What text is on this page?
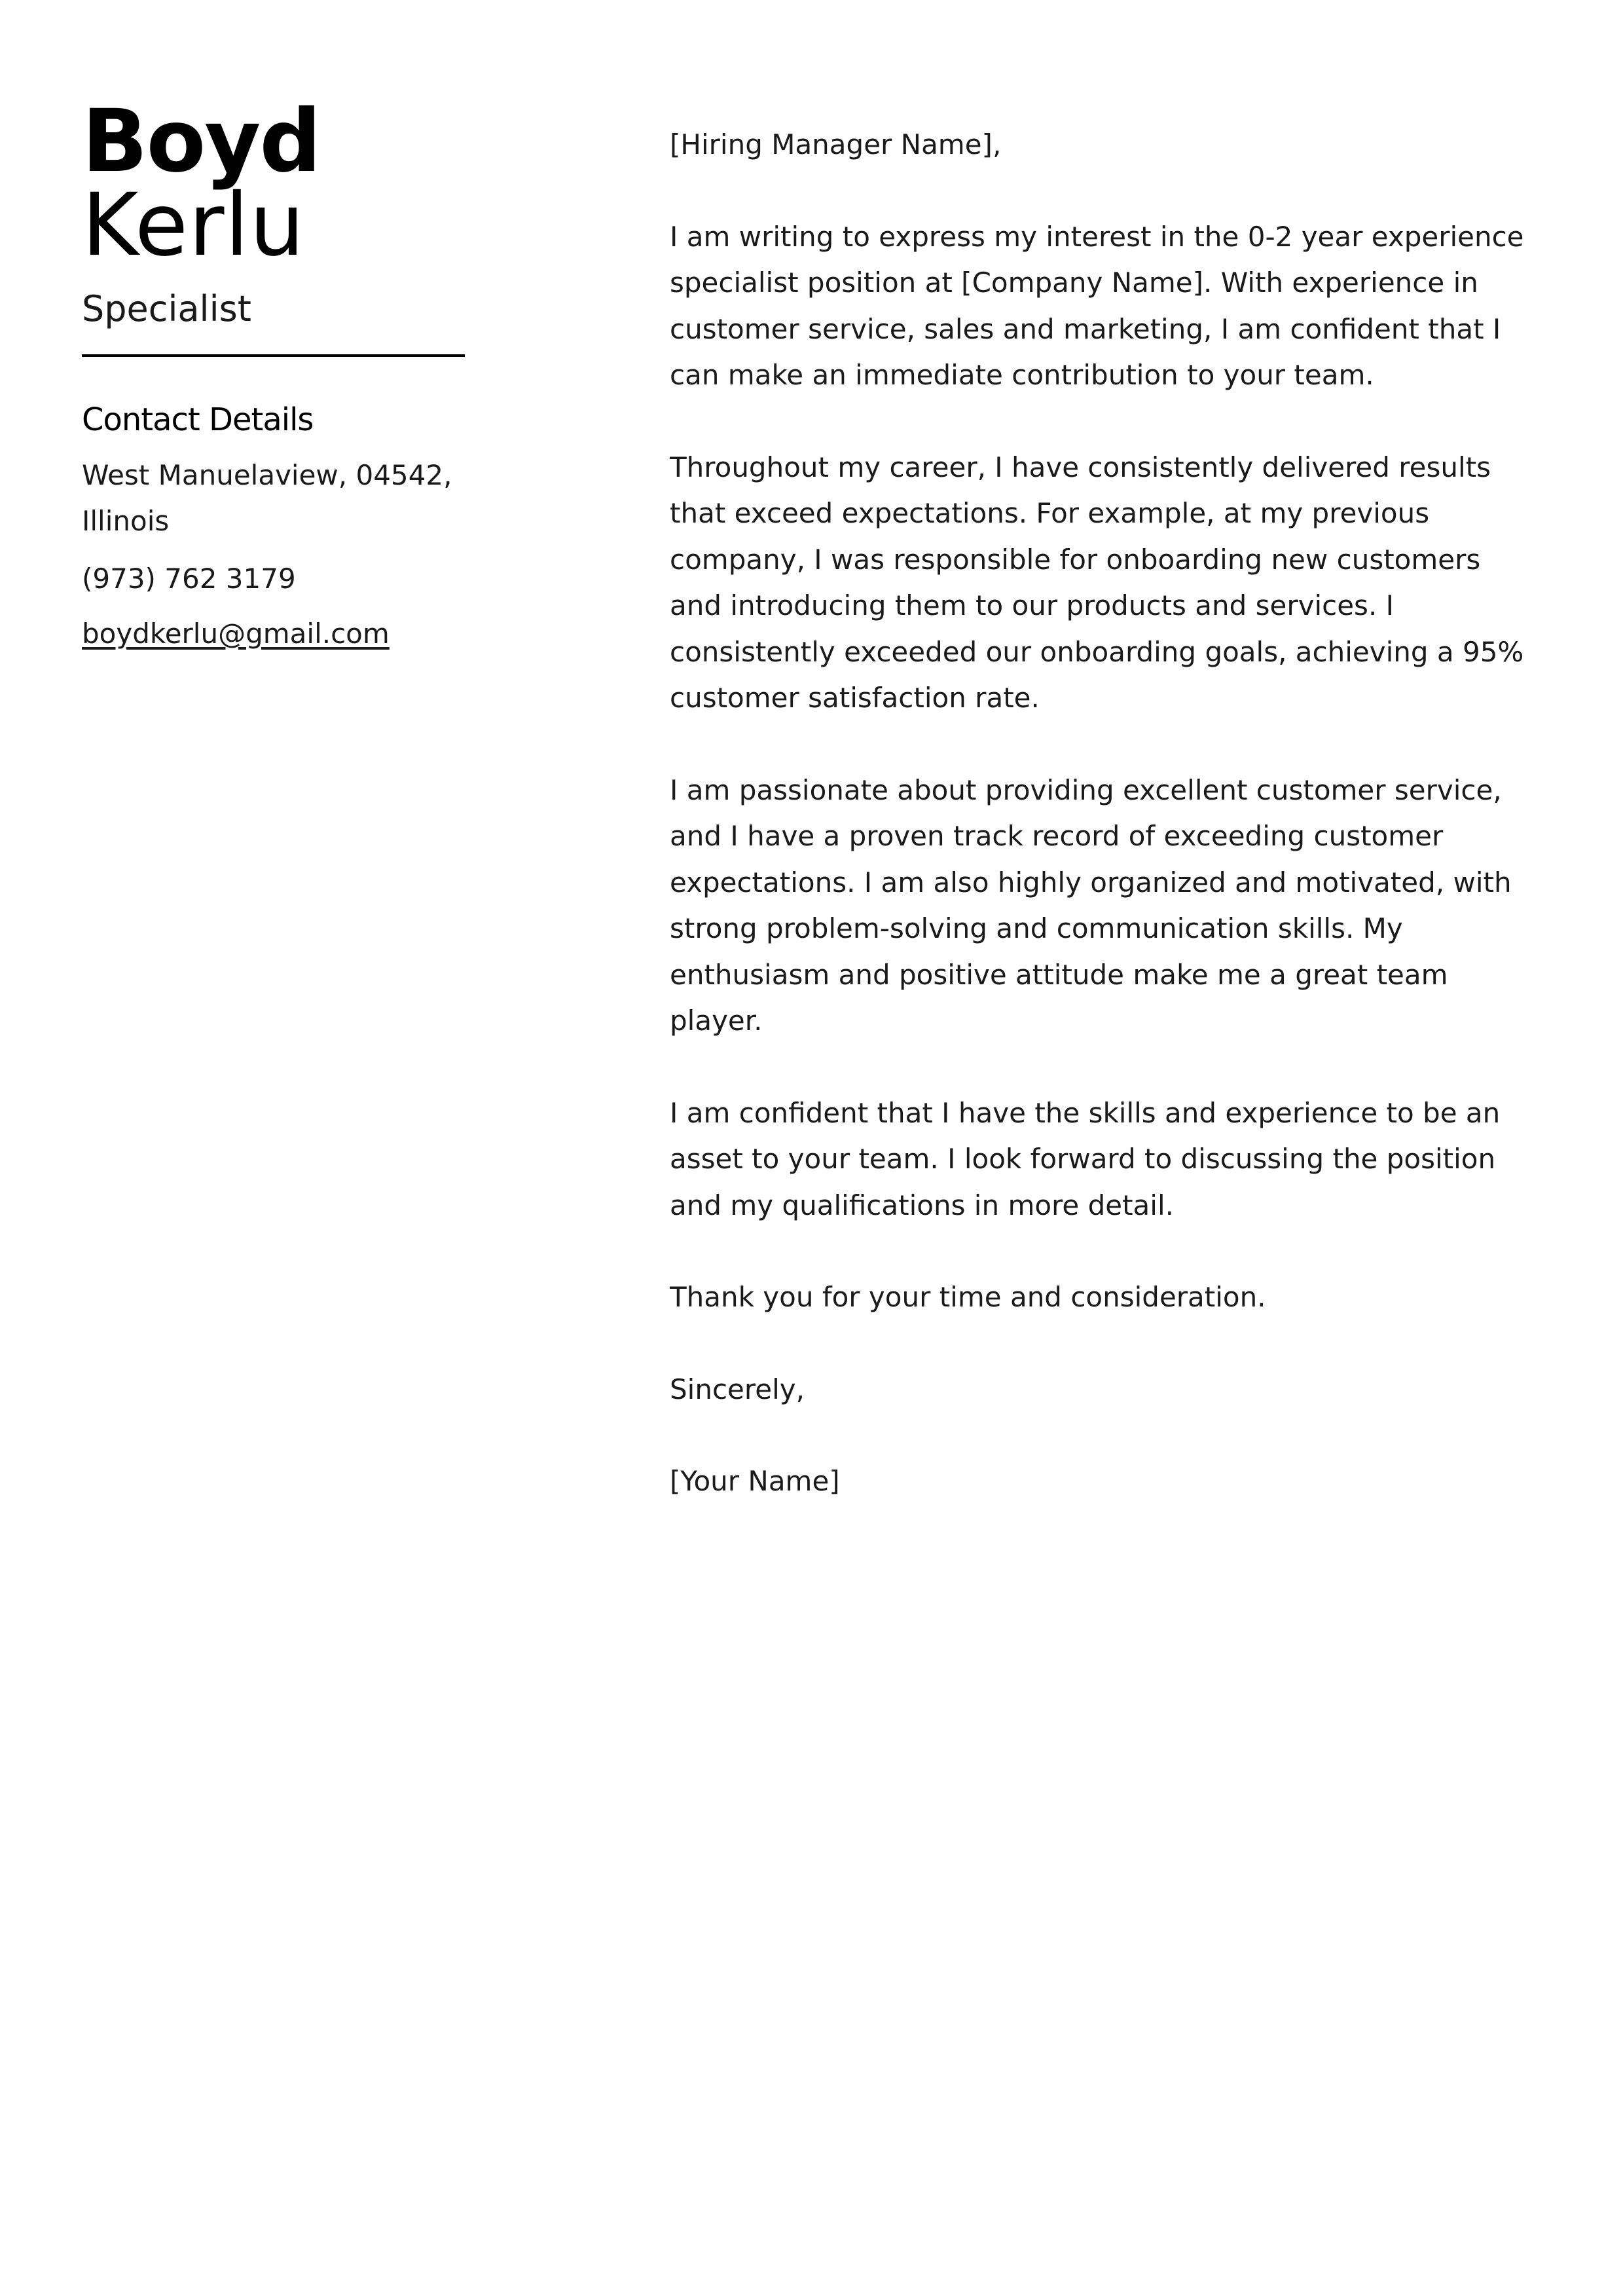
Boyd
Kerlu
Specialist
Contact Details
West Manuelaview, 04542, Illinois
(973) 762 3179
boydkerlu@gmail.com

[Hiring Manager Name],

I am writing to express my interest in the 0-2 year experience specialist position at [Company Name]. With experience in customer service, sales and marketing, I am confident that I can make an immediate contribution to your team.

Throughout my career, I have consistently delivered results that exceed expectations. For example, at my previous company, I was responsible for onboarding new customers and introducing them to our products and services. I consistently exceeded our onboarding goals, achieving a 95% customer satisfaction rate.

I am passionate about providing excellent customer service, and I have a proven track record of exceeding customer expectations. I am also highly organized and motivated, with strong problem-solving and communication skills. My enthusiasm and positive attitude make me a great team player.

I am confident that I have the skills and experience to be an asset to your team. I look forward to discussing the position and my qualifications in more detail.

Thank you for your time and consideration.

Sincerely,

[Your Name]
